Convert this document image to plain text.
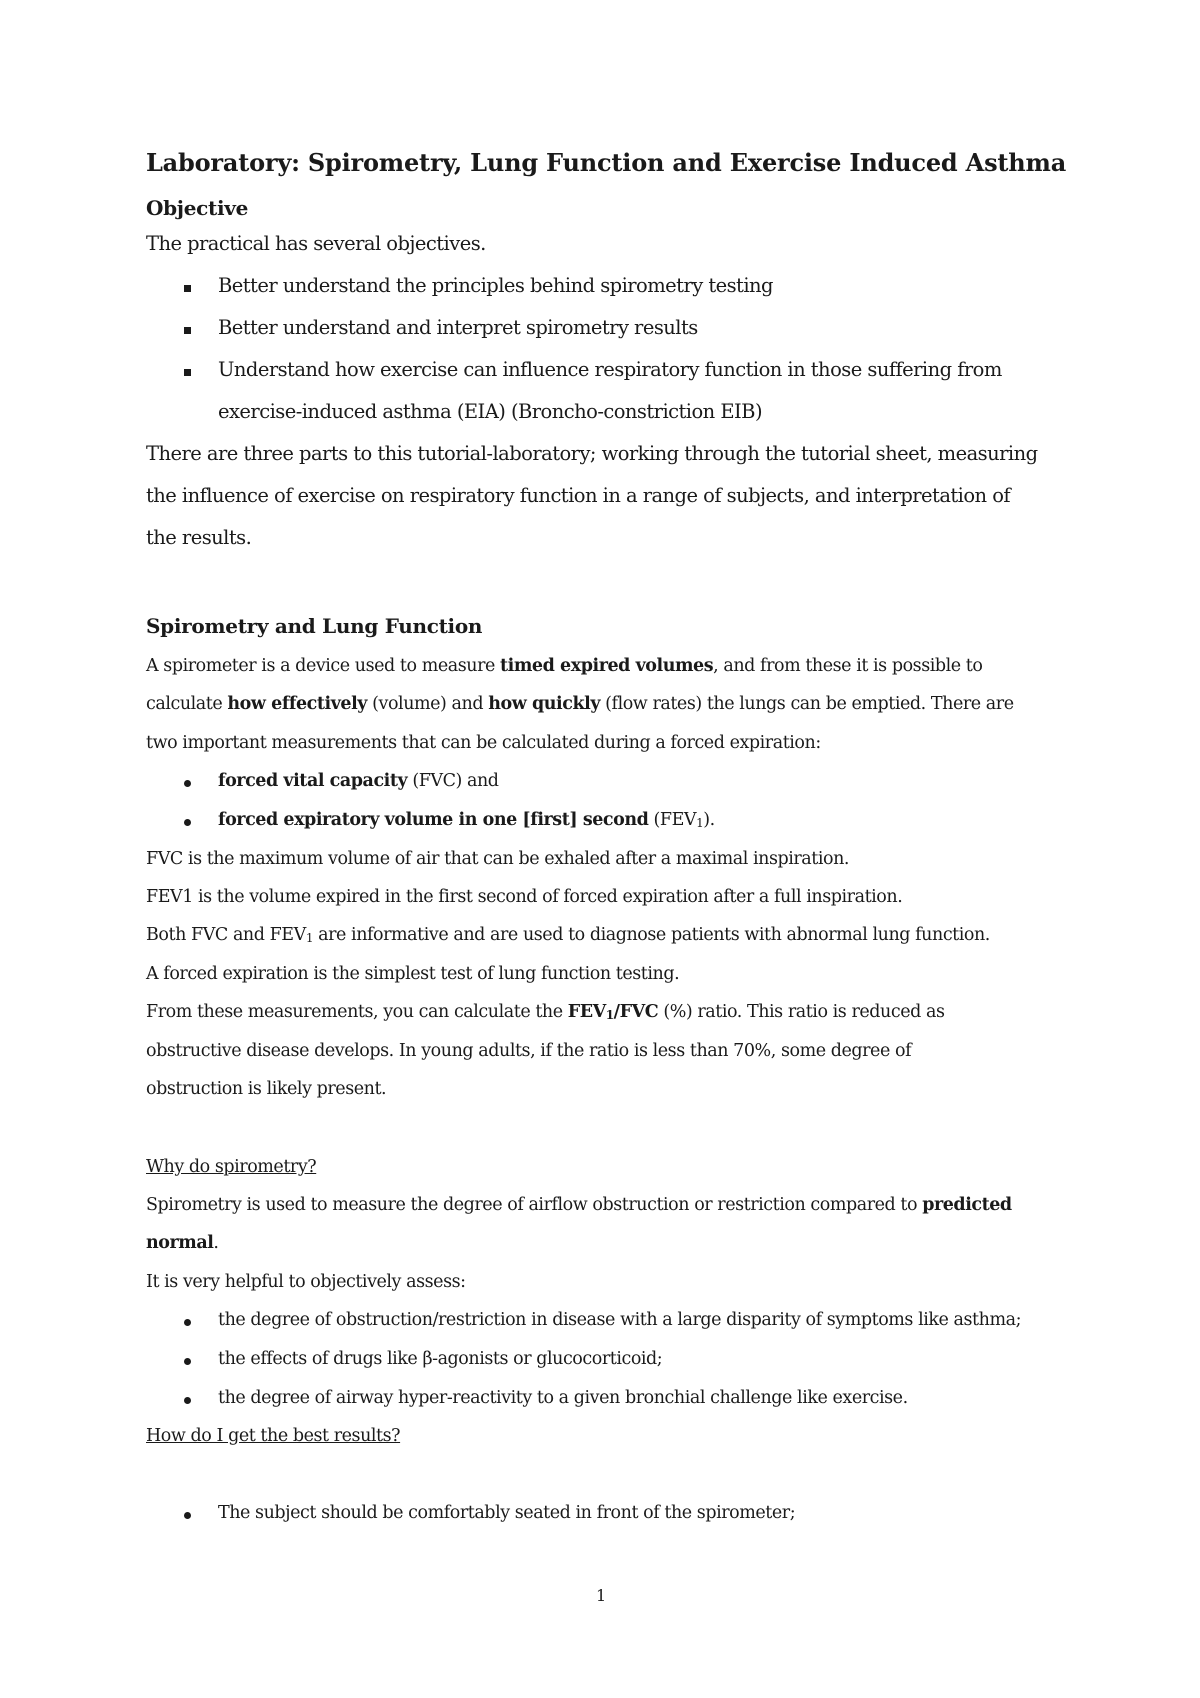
Laboratory: Spirometry, Lung Function and Exercise Induced Asthma
Objective
The practical has several objectives.
Better understand the principles behind spirometry testing
Better understand and interpret spirometry results
Understand how exercise can influence respiratory function in those suffering from
exercise-induced asthma (EIA) (Broncho-constriction EIB)
There are three parts to this tutorial-laboratory; working through the tutorial sheet, measuring
the influence of exercise on respiratory function in a range of subjects, and interpretation of
the results.
Spirometry and Lung Function
A spirometer is a device used to measure timed expired volumes, and from these it is possible to
calculate how effectively (volume) and how quickly (flow rates) the lungs can be emptied. There are
two important measurements that can be calculated during a forced expiration:
forced vital capacity (FVC) and
forced expiratory volume in one [first] second $(FEV_1)$.
FVC is the maximum volume of air that can be exhaled after a maximal inspiration.
FEV1 is the volume expired in the first second of forced expiration after a full inspiration.
Both FVC and $FEV_1$ are informative and are used to diagnose patients with abnormal lung function.
A forced expiration is the simplest test of lung function testing.
From these measurements, you can calculate the $FEV_1$/FVC (%) ratio. This ratio is reduced as
obstructive disease develops. In young adults, if the ratio is less than 70%, some degree of
obstruction is likely present.
Why do spirometry?
Spirometry is used to measure the degree of airflow obstruction or restriction compared to predicted
normal.
It is very helpful to objectively assess:
the degree of obstruction/restriction in disease with a large disparity of symptoms like asthma;
the effects of drugs like β-agonists or glucocorticoid;
the degree of airway hyper-reactivity to a given bronchial challenge like exercise.
How do I get the best results?
The subject should be comfortably seated in front of the spirometer;
1
